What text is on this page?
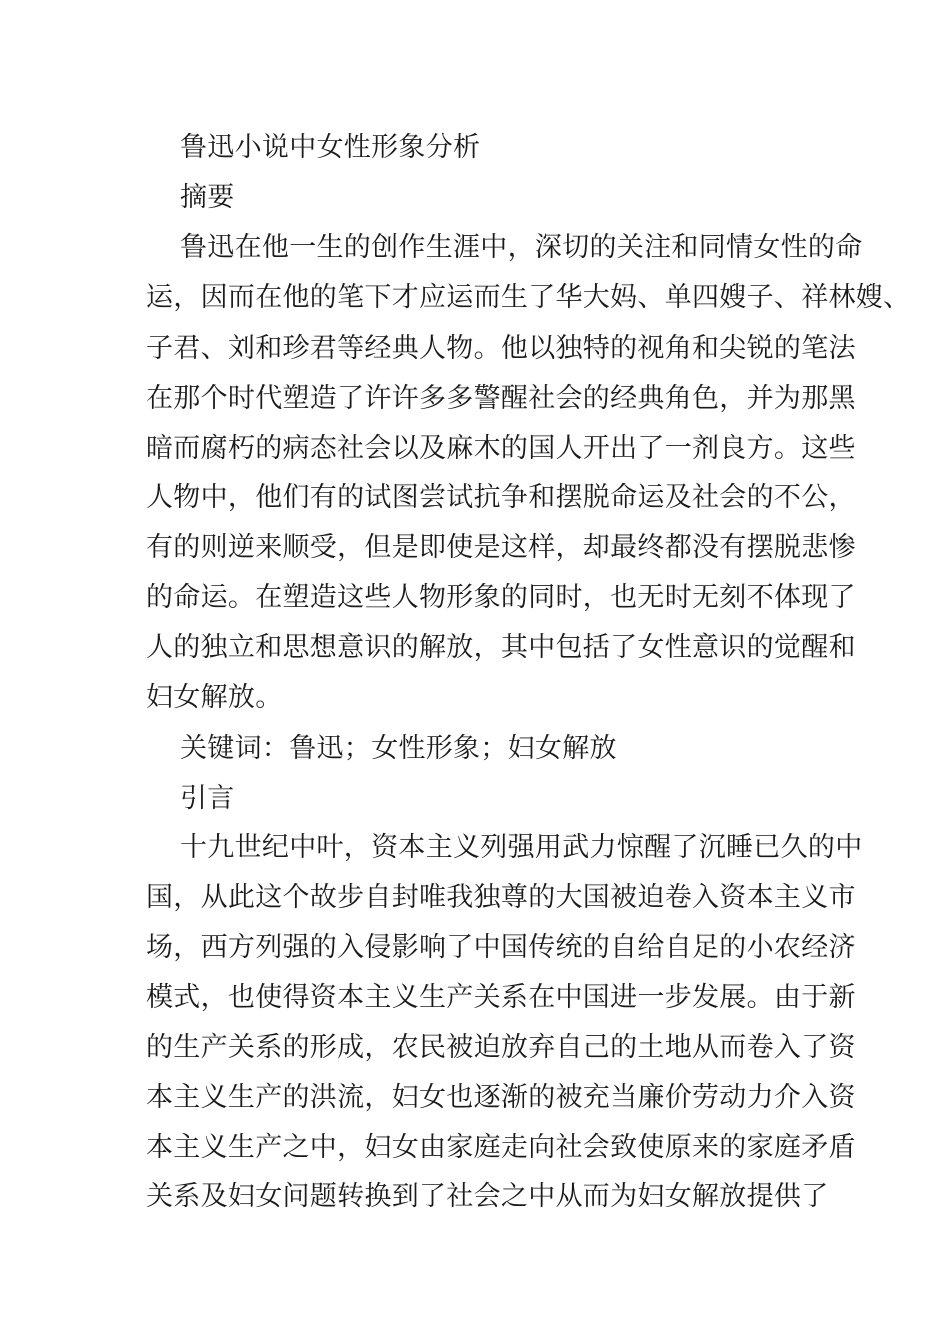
鲁迅小说中女性形象分析

摘要

鲁迅在他一生的创作生涯中，深切的关注和同情女性的命

运，因而在他的笔下才应运而生了华大妈、单四嫂子、祥林嫂、

子君、刘和珍君等经典人物。他以独特的视角和尖锐的笔法

在那个时代塑造了许许多多警醒社会的经典角色，并为那黑

暗而腐朽的病态社会以及麻木的国人开出了一剂良方。这些

人物中，他们有的试图尝试抗争和摆脱命运及社会的不公，

有的则逆来顺受，但是即使是这样，却最终都没有摆脱悲惨

的命运。在塑造这些人物形象的同时，也无时无刻不体现了

人的独立和思想意识的解放，其中包括了女性意识的觉醒和

妇女解放。

关键词：鲁迅；女性形象；妇女解放

引言

十九世纪中叶，资本主义列强用武力惊醒了沉睡已久的中

国，从此这个故步自封唯我独尊的大国被迫卷入资本主义市

场，西方列强的入侵影响了中国传统的自给自足的小农经济

模式，也使得资本主义生产关系在中国进一步发展。由于新

的生产关系的形成，农民被迫放弃自己的土地从而卷入了资

本主义生产的洪流，妇女也逐渐的被充当廉价劳动力介入资

本主义生产之中，妇女由家庭走向社会致使原来的家庭矛盾

关系及妇女问题转换到了社会之中从而为妇女解放提供了
